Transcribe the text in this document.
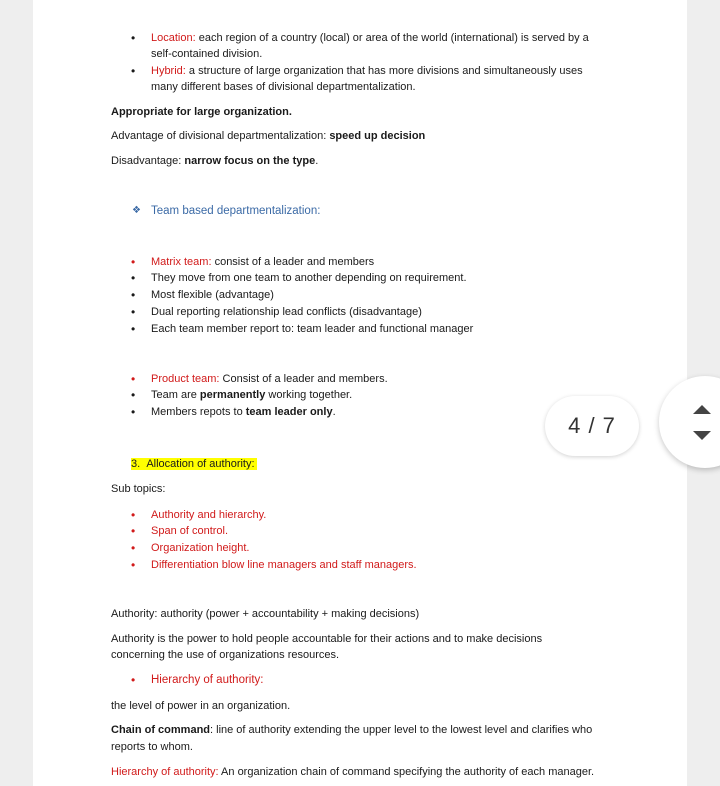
• Location: each region of a country (local) or area of the world (international) is served by a
self-contained division.
• Hybrid: a structure of large organization that has more divisions and simultaneously uses
many different bases of divisional departmentalization.
Appropriate for large organization.
Advantage of divisional departmentalization: speed up decision
Disadvantage: narrow focus on the type.
❖ Team based departmentalization:
• Matrix team: consist of a leader and members
• They move from one team to another depending on requirement.
• Most flexible (advantage)
• Dual reporting relationship lead conflicts (disadvantage)
• Each team member report to: team leader and functional manager
• Product team: Consist of a leader and members.
• Team are permanently working together.
• Members repots to team leader only.
3. Allocation of authority:
Sub topics:
• Authority and hierarchy.
• Span of control.
• Organization height.
• Differentiation blow line managers and staff managers.
Authority: authority (power + accountability + making decisions)
Authority is the power to hold people accountable for their actions and to make decisions
concerning the use of organizations resources.
• Hierarchy of authority:
the level of power in an organization.
Chain of command: line of authority extending the upper level to the lowest level and clarifies who
reports to whom.
Hierarchy of authority: An organization chain of command specifying the authority of each manager.
4 / 7
